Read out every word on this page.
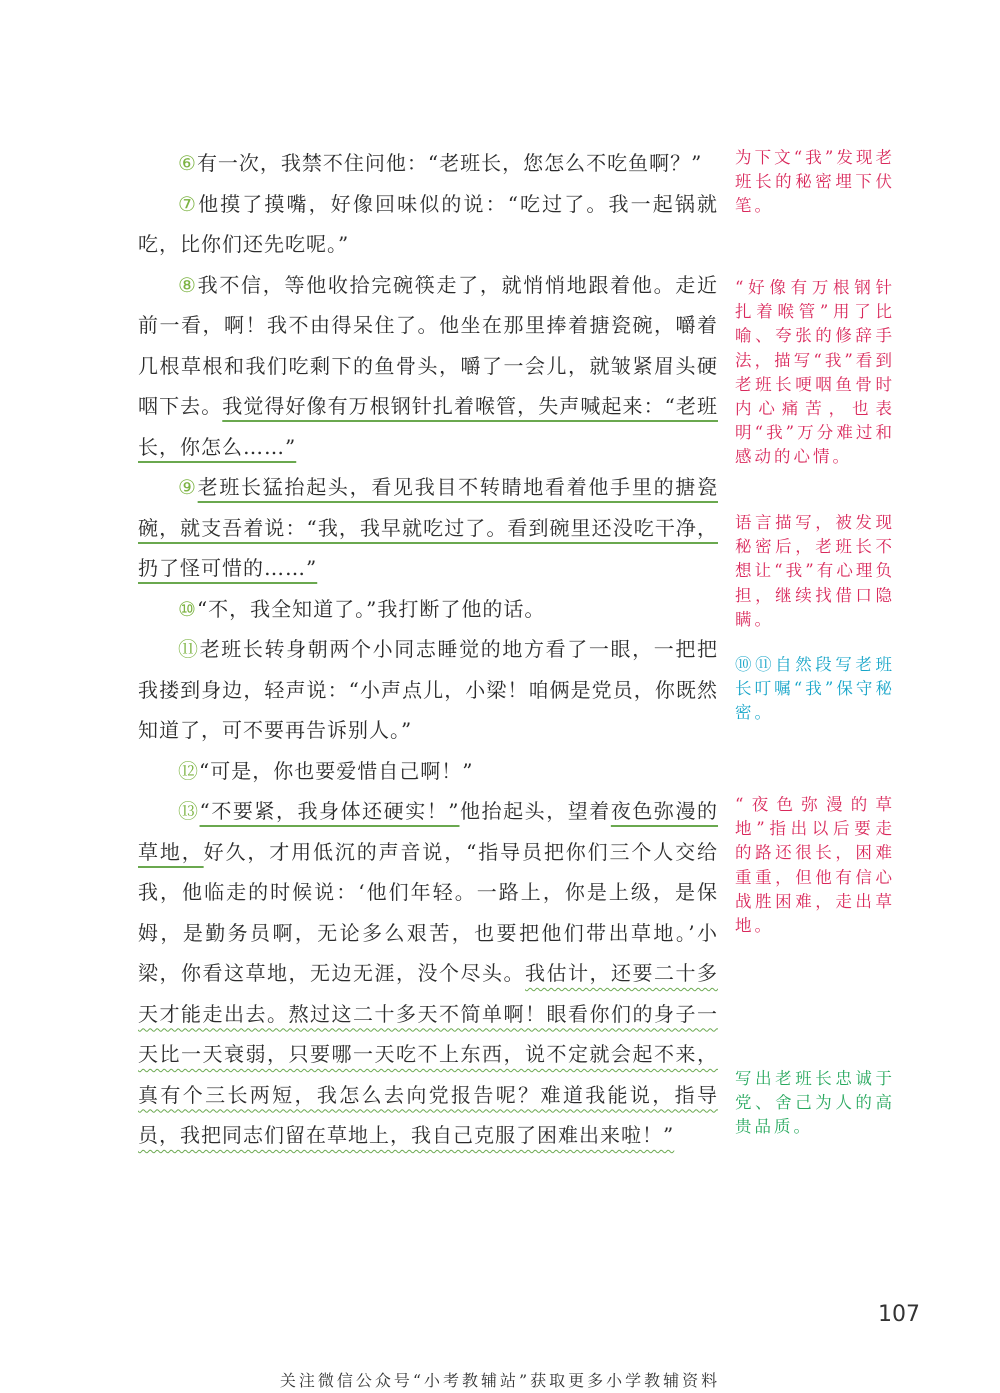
⑥有一次，我禁不住问他：“老班长，您怎么不吃鱼啊？”

⑦他摸了摸嘴，好像回味似的说：“吃过了。我一起锅就吃，比你们还先吃呢。”

⑧我不信，等他收拾完碗筷走了，就悄悄地跟着他。走近前一看，啊！我不由得呆住了。他坐在那里捧着搪瓷碗，嚼着几根草根和我们吃剩下的鱼骨头，嚼了一会儿，就皱紧眉头硬咽下去。我觉得好像有万根钢针扎着喉管，失声喊起来：“老班长，你怎么……”

⑨老班长猛抬起头，看见我目不转睛地看着他手里的搪瓷碗，就支吾着说：“我，我早就吃过了。看到碗里还没吃干净，扔了怪可惜的……”

⑩“不，我全知道了。”我打断了他的话。

⑪老班长转身朝两个小同志睡觉的地方看了一眼，一把把我搂到身边，轻声说：“小声点儿，小梁！咱俩是党员，你既然知道了，可不要再告诉别人。”

⑫“可是，你也要爱惜自己啊！”

⑬“不要紧，我身体还硬实！”他抬起头，望着夜色弥漫的草地，好久，才用低沉的声音说，“指导员把你们三个人交给我，他临走的时候说：‘他们年轻。一路上，你是上级，是保姆，是勤务员啊，无论多么艰苦，也要把他们带出草地。’小梁，你看这草地，无边无涯，没个尽头。我估计，还要二十多天才能走出去。熬过这二十多天不简单啊！眼看你们的身子一天比一天衰弱，只要哪一天吃不上东西，说不定就会起不来，真有个三长两短，我怎么去向党报告呢？难道我能说，指导员，我把同志们留在草地上，我自己克服了困难出来啦！”

为下文“我”发现老班长的秘密埋下伏笔。

“好像有万根钢针扎着喉管”用了比喻、夸张的修辞手法，描写“我”看到老班长哽咽鱼骨时内心痛苦，也表明“我”万分难过和感动的心情。

语言描写，被发现秘密后，老班长不想让“我”有心理负担，继续找借口隐瞒。

⑩⑪自然段写老班长叮嘱“我”保守秘密。

“夜色弥漫的草地”指出以后要走的路还很长，困难重重，但他有信心战胜困难，走出草地。

写出老班长忠诚于党、舍己为人的高贵品质。

107
关注微信公众号“小考教辅站”获取更多小学教辅资料
